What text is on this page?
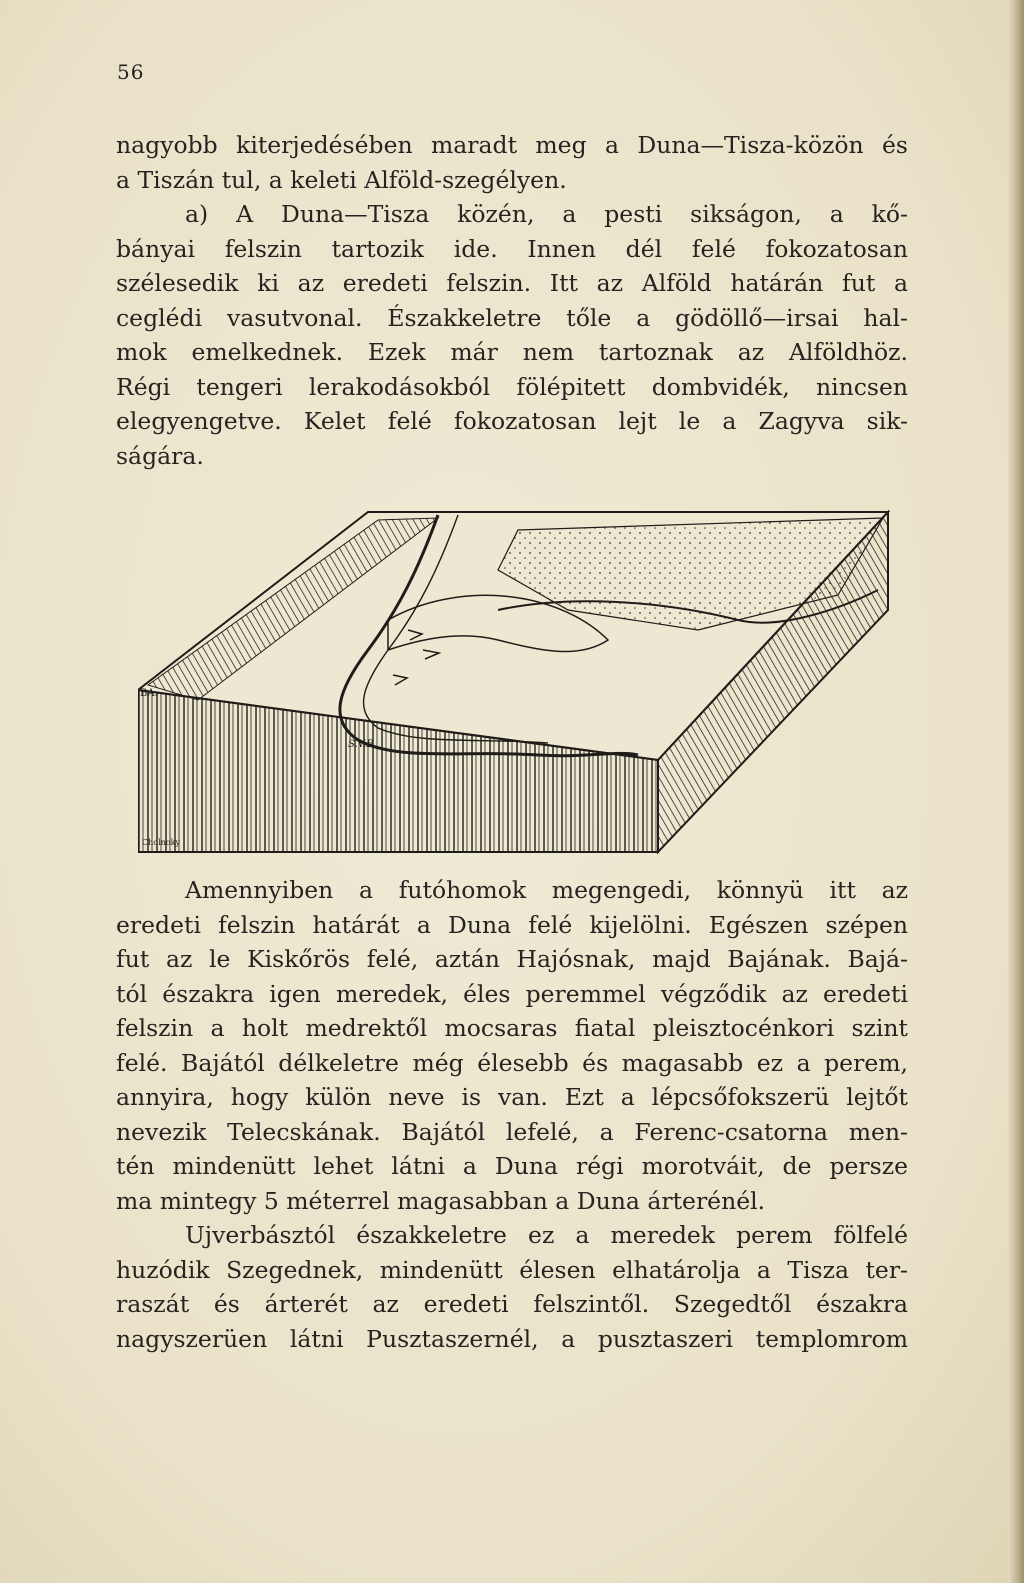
56
nagyobb kiterjedésében maradt meg a Duna—Tisza-közön és
a Tiszán tul, a keleti Alföld-szegélyen.
a) A Duna—Tisza közén, a pesti sikságon, a kő-
bányai felszin tartozik ide. Innen dél felé fokozatosan
szélesedik ki az eredeti felszin. Itt az Alföld határán fut a
ceglédi vasutvonal. Északkeletre tőle a gödöllő—irsai hal-
mok emelkednek. Ezek már nem tartoznak az Alföldhöz.
Régi tengeri lerakodásokból fölépitett dombvidék, nincsen
elegyengetve. Kelet felé fokozatosan lejt le a Zagyva sik-
ságára.
BA.
S.V.B.
Cholnoky
Amennyiben a futóhomok megengedi, könnyü itt az
eredeti felszin határát a Duna felé kijelölni. Egészen szépen
fut az le Kiskőrös felé, aztán Hajósnak, majd Bajának. Bajá-
tól északra igen meredek, éles peremmel végződik az eredeti
felszin a holt medrektől mocsaras fiatal pleisztocénkori szint
felé. Bajától délkeletre még élesebb és magasabb ez a perem,
annyira, hogy külön neve is van. Ezt a lépcsőfokszerü lejtőt
nevezik Telecskának. Bajától lefelé, a Ferenc-csatorna men-
tén mindenütt lehet látni a Duna régi morotváit, de persze
ma mintegy 5 méterrel magasabban a Duna árterénél.
Ujverbásztól északkeletre ez a meredek perem fölfelé
huzódik Szegednek, mindenütt élesen elhatárolja a Tisza ter-
raszát és árterét az eredeti felszintől. Szegedtől északra
nagyszerüen látni Pusztaszernél, a pusztaszeri templomrom
